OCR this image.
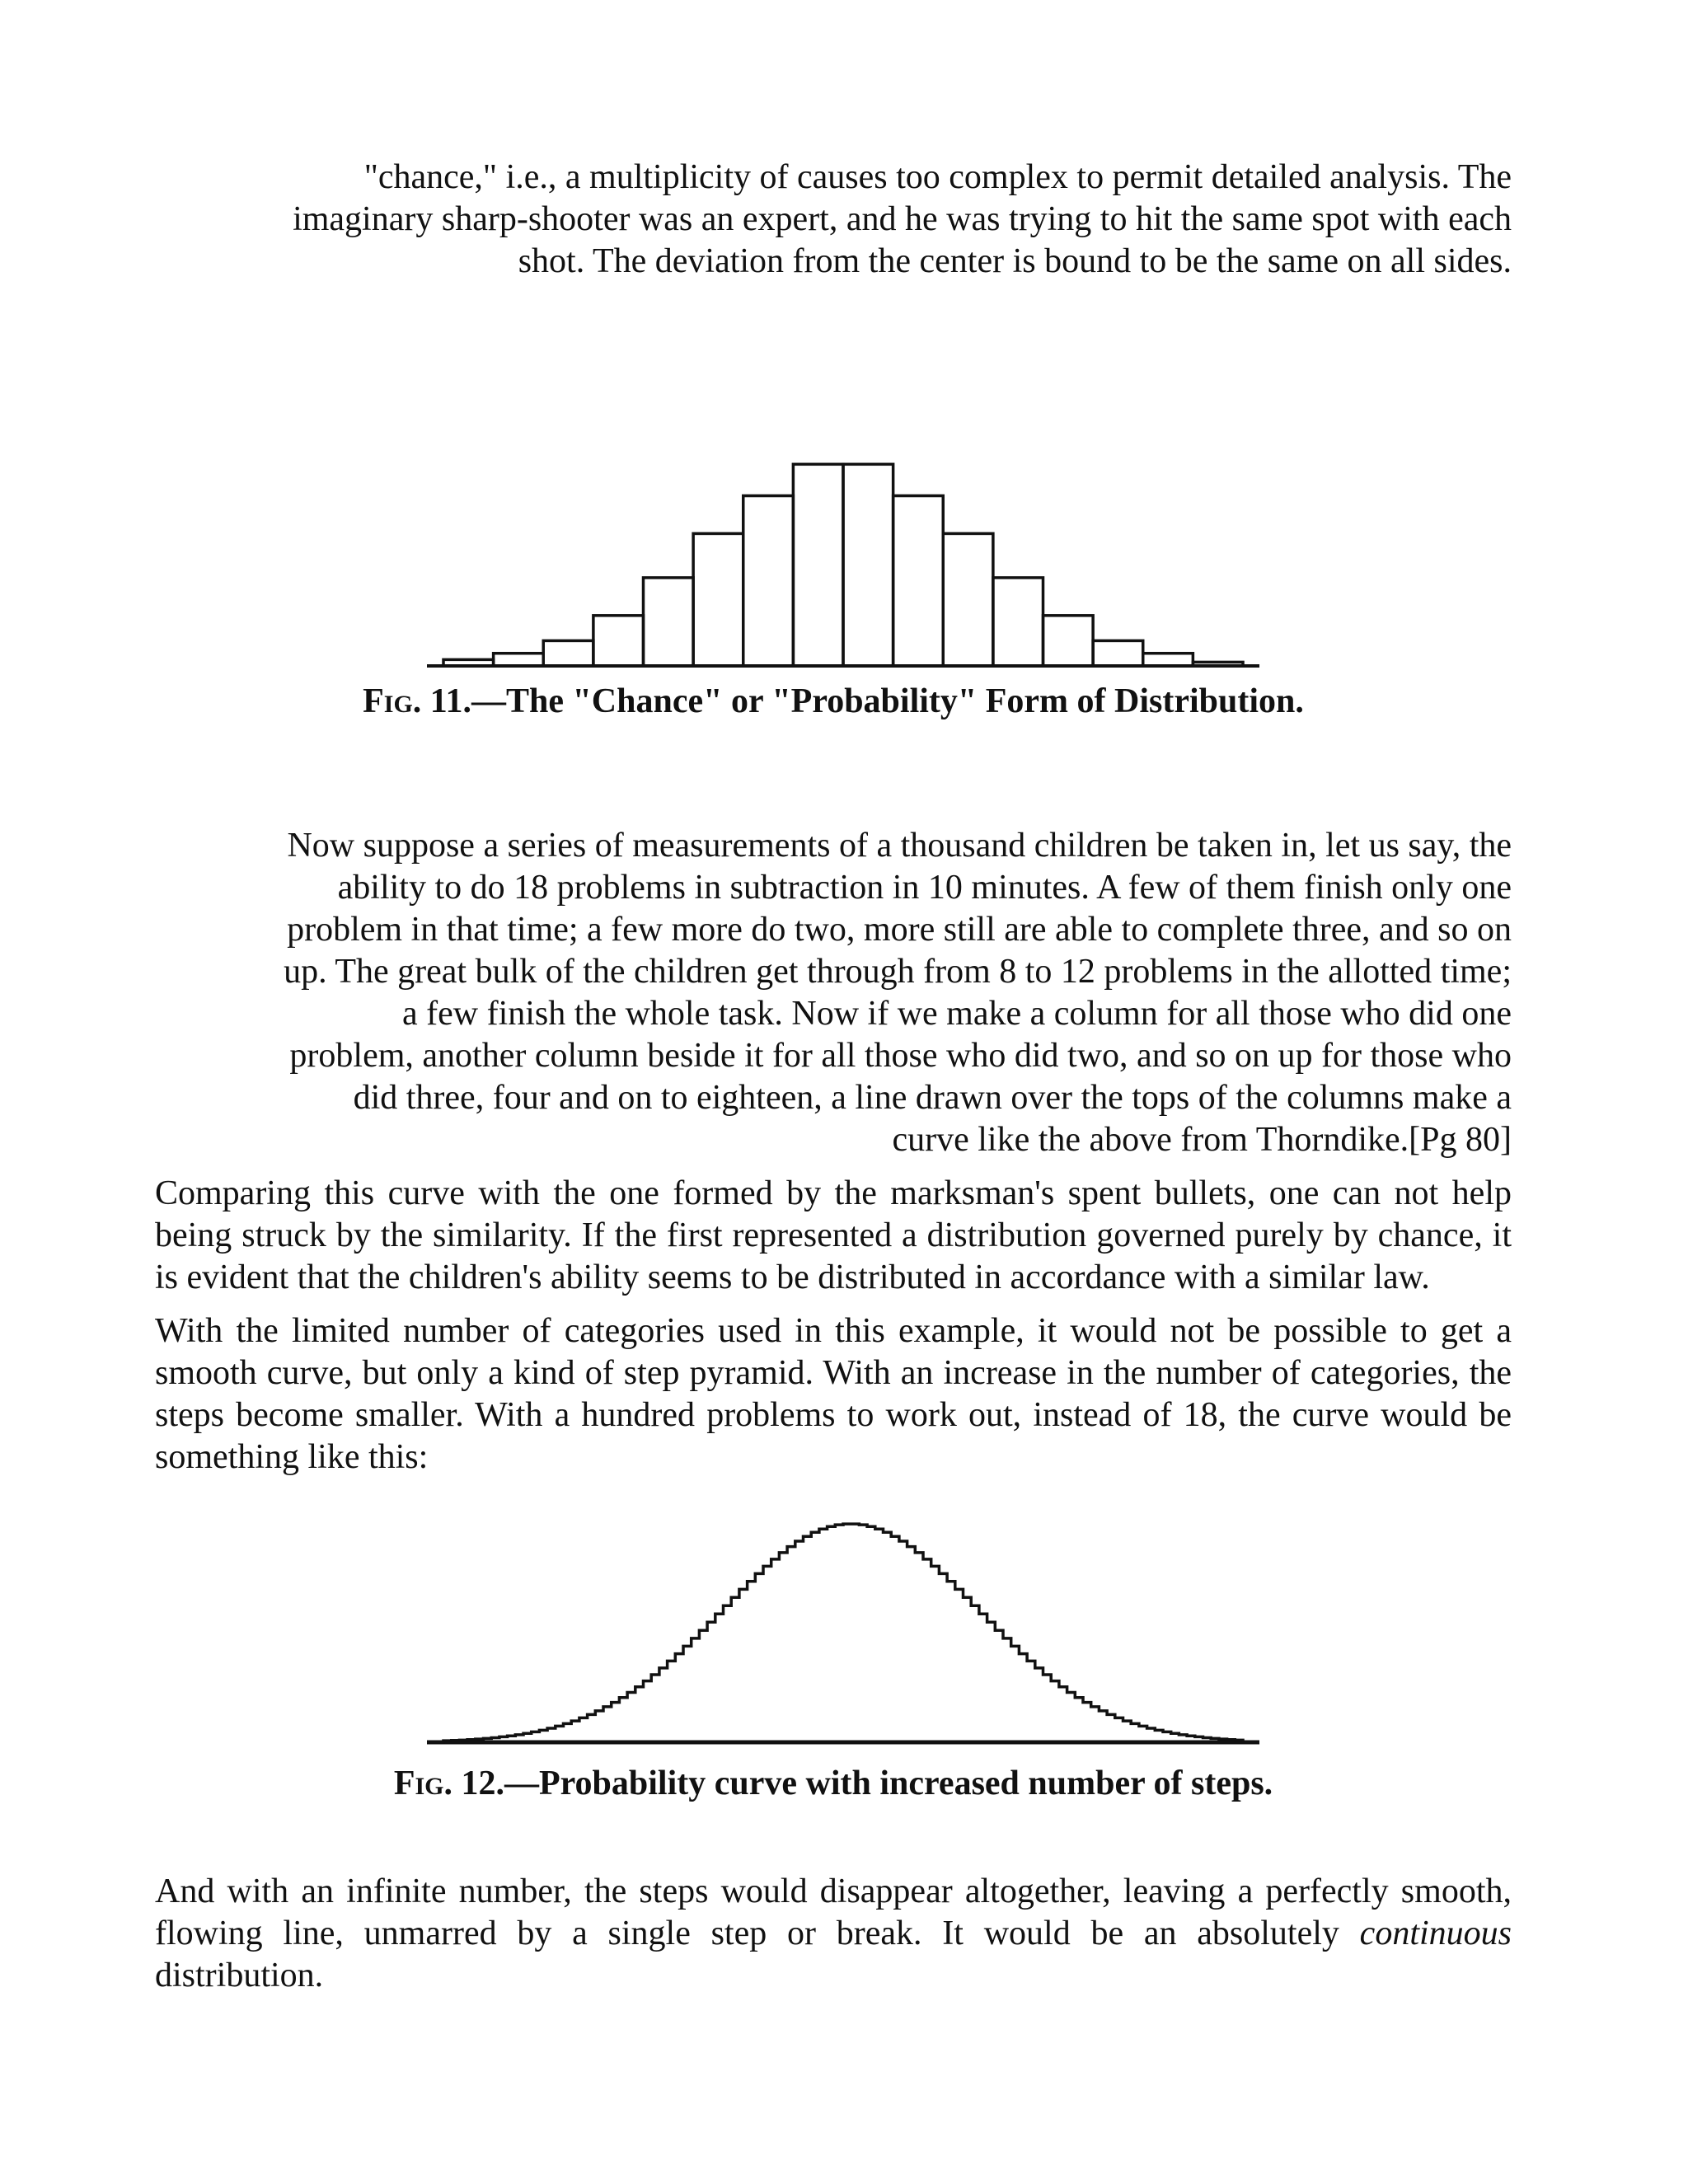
"chance," i.e., a multiplicity of causes too complex to permit detailed analysis. The

imaginary sharp-shooter was an expert, and he was trying to hit the same spot with each

shot. The deviation from the center is bound to be the same on all sides.

FIG. 11.—The "Chance" or "Probability" Form of Distribution.

Now suppose a series of measurements of a thousand children be taken in, let us say, the

ability to do 18 problems in subtraction in 10 minutes. A few of them finish only one

problem in that time; a few more do two, more still are able to complete three, and so on

up. The great bulk of the children get through from 8 to 12 problems in the allotted time;

a few finish the whole task. Now if we make a column for all those who did one

problem, another column beside it for all those who did two, and so on up for those who

did three, four and on to eighteen, a line drawn over the tops of the columns make a

curve like the above from Thorndike.[Pg 80]

Comparing this curve with the one formed by the marksman's spent bullets, one can not help being struck by the similarity. If the first represented a distribution governed purely by chance, it is evident that the children's ability seems to be distributed in accordance with a similar law.

With the limited number of categories used in this example, it would not be possible to get a smooth curve, but only a kind of step pyramid. With an increase in the number of categories, the steps become smaller. With a hundred problems to work out, instead of 18, the curve would be something like this:

FIG. 12.—Probability curve with increased number of steps.

And with an infinite number, the steps would disappear altogether, leaving a perfectly smooth, flowing line, unmarred by a single step or break. It would be an absolutely continuous distribution.
